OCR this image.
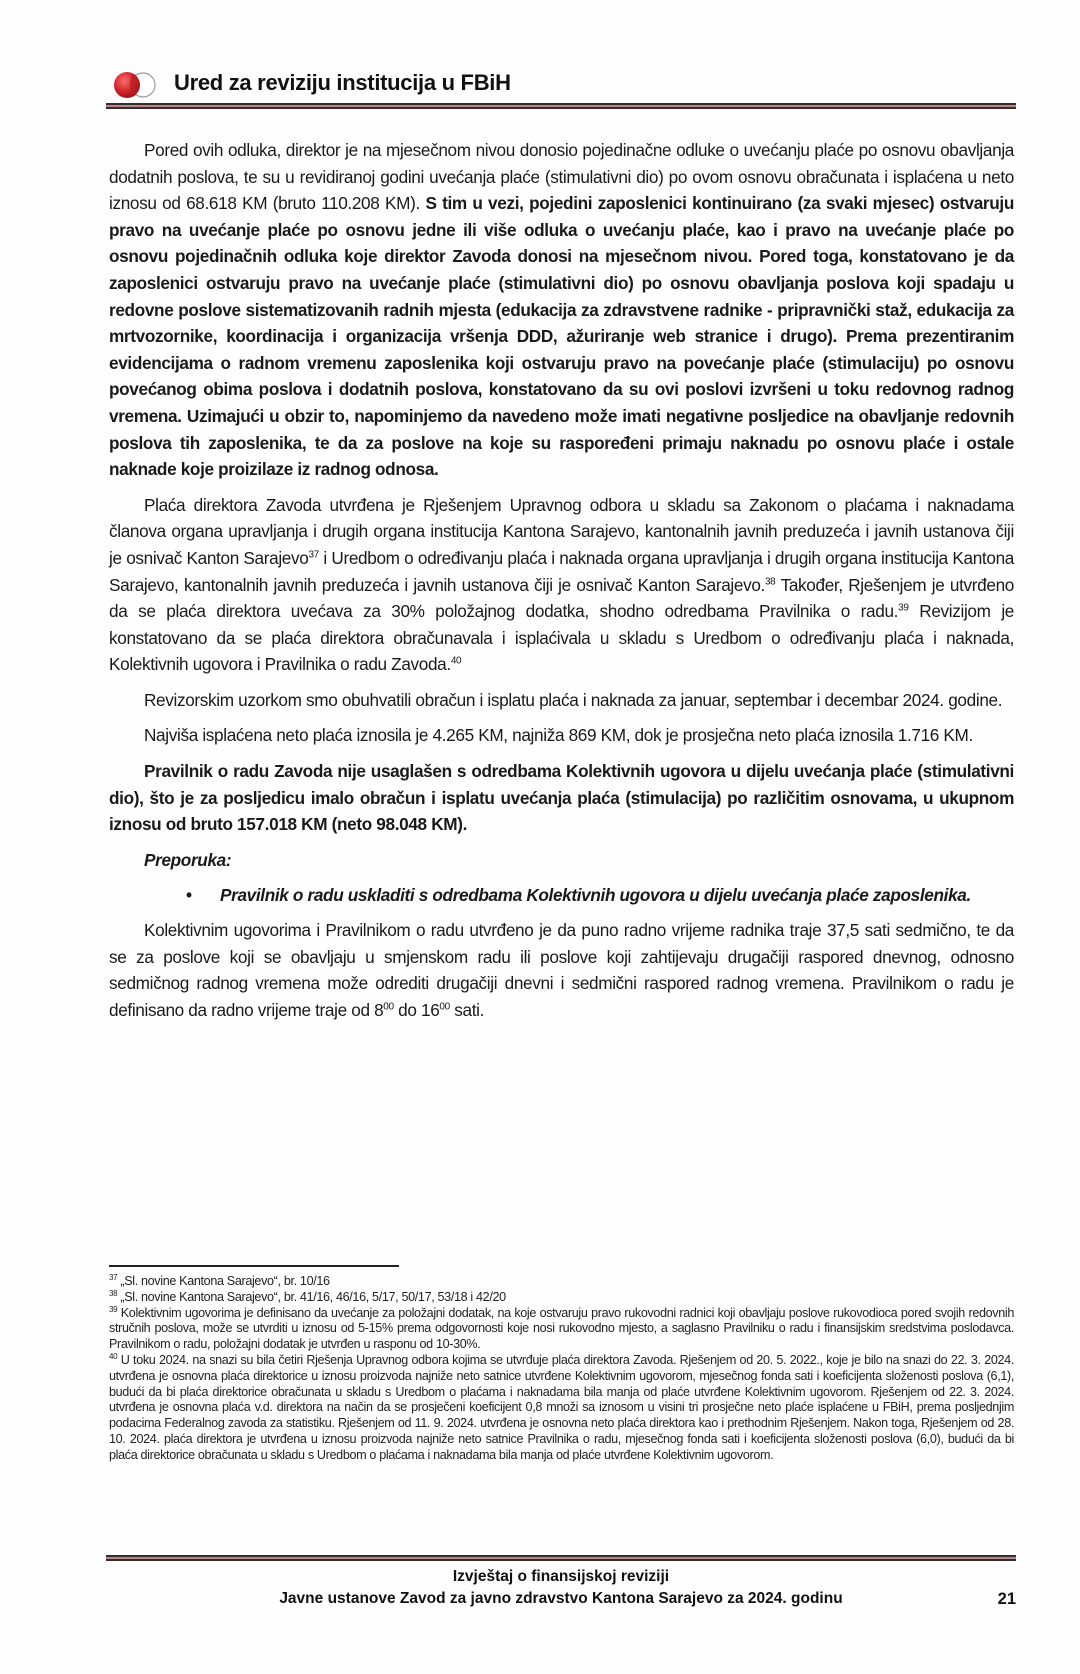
Ured za reviziju institucija u FBiH

Pored ovih odluka, direktor je na mjesečnom nivou donosio pojedinačne odluke o uvećanju plaće po osnovu obavljanja dodatnih poslova, te su u revidiranoj godini uvećanja plaće (stimulativni dio) po ovom osnovu obračunata i isplaćena u neto iznosu od 68.618 KM (bruto 110.208 KM). S tim u vezi, pojedini zaposlenici kontinuirano (za svaki mjesec) ostvaruju pravo na uvećanje plaće po osnovu jedne ili više odluka o uvećanju plaće, kao i pravo na uvećanje plaće po osnovu pojedinačnih odluka koje direktor Zavoda donosi na mjesečnom nivou. Pored toga, konstatovano je da zaposlenici ostvaruju pravo na uvećanje plaće (stimulativni dio) po osnovu obavljanja poslova koji spadaju u redovne poslove sistematizovanih radnih mjesta (edukacija za zdravstvene radnike - pripravnički staž, edukacija za mrtvozornike, koordinacija i organizacija vršenja DDD, ažuriranje web stranice i drugo). Prema prezentiranim evidencijama o radnom vremenu zaposlenika koji ostvaruju pravo na povećanje plaće (stimulaciju) po osnovu povećanog obima poslova i dodatnih poslova, konstatovano da su ovi poslovi izvršeni u toku redovnog radnog vremena. Uzimajući u obzir to, napominjemo da navedeno može imati negativne posljedice na obavljanje redovnih poslova tih zaposlenika, te da za poslove na koje su raspoređeni primaju naknadu po osnovu plaće i ostale naknade koje proizilaze iz radnog odnosa.

Plaća direktora Zavoda utvrđena je Rješenjem Upravnog odbora u skladu sa Zakonom o plaćama i naknadama članova organa upravljanja i drugih organa institucija Kantona Sarajevo, kantonalnih javnih preduzeća i javnih ustanova čiji je osnivač Kanton Sarajevo$^{37}$ i Uredbom o određivanju plaća i naknada organa upravljanja i drugih organa institucija Kantona Sarajevo, kantonalnih javnih preduzeća i javnih ustanova čiji je osnivač Kanton Sarajevo.$^{38}$ Također, Rješenjem je utvrđeno da se plaća direktora uvećava za 30% položajnog dodatka, shodno odredbama Pravilnika o radu.$^{39}$ Revizijom je konstatovano da se plaća direktora obračunavala i isplaćivala u skladu s Uredbom o određivanju plaća i naknada, Kolektivnih ugovora i Pravilnika o radu Zavoda.$^{40}$

Revizorskim uzorkom smo obuhvatili obračun i isplatu plaća i naknada za januar, septembar i decembar 2024. godine.

Najviša isplaćena neto plaća iznosila je 4.265 KM, najniža 869 KM, dok je prosječna neto plaća iznosila 1.716 KM.

Pravilnik o radu Zavoda nije usaglašen s odredbama Kolektivnih ugovora u dijelu uvećanja plaće (stimulativni dio), što je za posljedicu imalo obračun i isplatu uvećanja plaća (stimulacija) po različitim osnovama, u ukupnom iznosu od bruto 157.018 KM (neto 98.048 KM).

Preporuka:

• Pravilnik o radu uskladiti s odredbama Kolektivnih ugovora u dijelu uvećanja plaće zaposlenika.

Kolektivnim ugovorima i Pravilnikom o radu utvrđeno je da puno radno vrijeme radnika traje 37,5 sati sedmično, te da se za poslove koji se obavljaju u smjenskom radu ili poslove koji zahtijevaju drugačiji raspored dnevnog, odnosno sedmičnog radnog vremena može odrediti drugačiji dnevni i sedmični raspored radnog vremena. Pravilnikom o radu je definisano da radno vrijeme traje od $8^{00}$ do $16^{00}$ sati.

$^{37}$ „Sl. novine Kantona Sarajevo“, br. 10/16
$^{38}$ „Sl. novine Kantona Sarajevo“, br. 41/16, 46/16, 5/17, 50/17, 53/18 i 42/20
$^{39}$ Kolektivnim ugovorima je definisano da uvećanje za položajni dodatak, na koje ostvaruju pravo rukovodni radnici koji obavljaju poslove rukovodioca pored svojih redovnih stručnih poslova, može se utvrditi u iznosu od 5-15% prema odgovornosti koje nosi rukovodno mjesto, a saglasno Pravilniku o radu i finansijskim sredstvima poslodavca. Pravilnikom o radu, položajni dodatak je utvrđen u rasponu od 10-30%.
$^{40}$ U toku 2024. na snazi su bila četiri Rješenja Upravnog odbora kojima se utvrđuje plaća direktora Zavoda. Rješenjem od 20. 5. 2022., koje je bilo na snazi do 22. 3. 2024. utvrđena je osnovna plaća direktorice u iznosu proizvoda najniže neto satnice utvrđene Kolektivnim ugovorom, mjesečnog fonda sati i koeficijenta složenosti poslova (6,1), budući da bi plaća direktorice obračunata u skladu s Uredbom o plaćama i naknadama bila manja od plaće utvrđene Kolektivnim ugovorom. Rješenjem od 22. 3. 2024. utvrđena je osnovna plaća v.d. direktora na način da se prosječeni koeficijent 0,8 množi sa iznosom u visini tri prosječne neto plaće isplaćene u FBiH, prema posljednjim podacima Federalnog zavoda za statistiku. Rješenjem od 11. 9. 2024. utvrđena je osnovna neto plaća direktora kao i prethodnim Rješenjem. Nakon toga, Rješenjem od 28. 10. 2024. plaća direktora je utvrđena u iznosu proizvoda najniže neto satnice Pravilnika o radu, mjesečnog fonda sati i koeficijenta složenosti poslova (6,0), budući da bi plaća direktorice obračunata u skladu s Uredbom o plaćama i naknadama bila manja od plaće utvrđene Kolektivnim ugovorom.
Izvještaj o finansijskoj reviziji
Javne ustanove Zavod za javno zdravstvo Kantona Sarajevo za 2024. godinu	21
